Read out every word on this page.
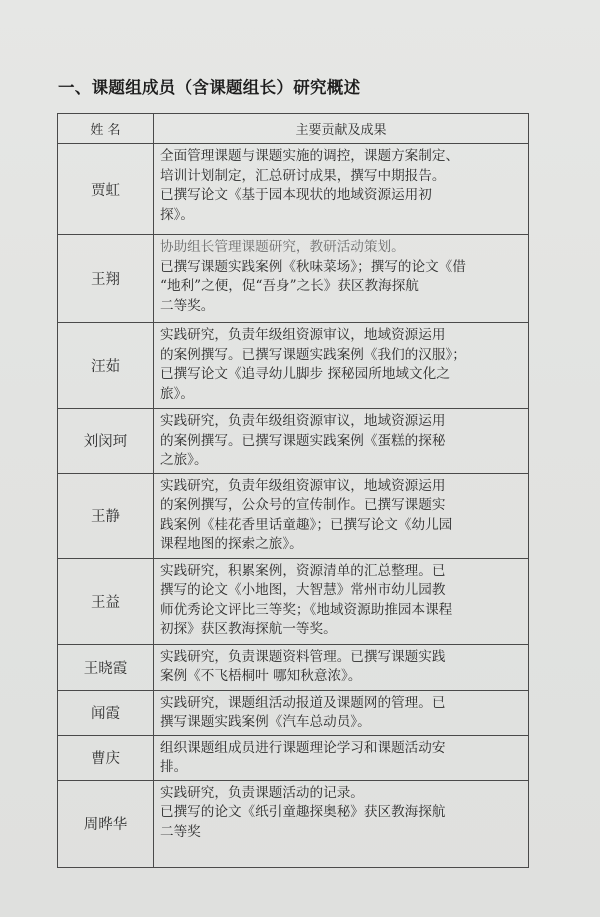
一、课题组成员（含课题组长）研究概述
姓 名	主要贡献及成果
贾虹	全面管理课题与课题实施的调控，课题方案制定、
培训计划制定，汇总研讨成果，撰写中期报告。
已撰写论文《基于园本现状的地域资源运用初
探》。

王翔	协助组长管理课题研究，教研活动策划。
已撰写课题实践案例《秋味菜场》；撰写的论文《借
“地利”之便，促“吾身”之长》获区教海探航
二等奖。

汪茹	实践研究，负责年级组资源审议，地域资源运用
的案例撰写。已撰写课题实践案例《我们的汉服》；
已撰写论文《追寻幼儿脚步 探秘园所地域文化之
旅》。

刘闵珂	实践研究，负责年级组资源审议，地域资源运用
的案例撰写。已撰写课题实践案例《蛋糕的探秘
之旅》。

王静	实践研究，负责年级组资源审议，地域资源运用
的案例撰写，公众号的宣传制作。已撰写课题实
践案例《桂花香里话童趣》；已撰写论文《幼儿园
课程地图的探索之旅》。

王益	实践研究，积累案例，资源清单的汇总整理。已
撰写的论文《小地图，大智慧》常州市幼儿园教
师优秀论文评比三等奖；《地域资源助推园本课程
初探》获区教海探航一等奖。

王晓霞	实践研究，负责课题资料管理。已撰写课题实践
案例《不飞梧桐叶 哪知秋意浓》。

闻霞	实践研究，课题组活动报道及课题网的管理。已
撰写课题实践案例《汽车总动员》。

曹庆	组织课题组成员进行课题理论学习和课题活动安
排。

周晔华	实践研究，负责课题活动的记录。
已撰写的论文《纸引童趣探奥秘》获区教海探航
二等奖
